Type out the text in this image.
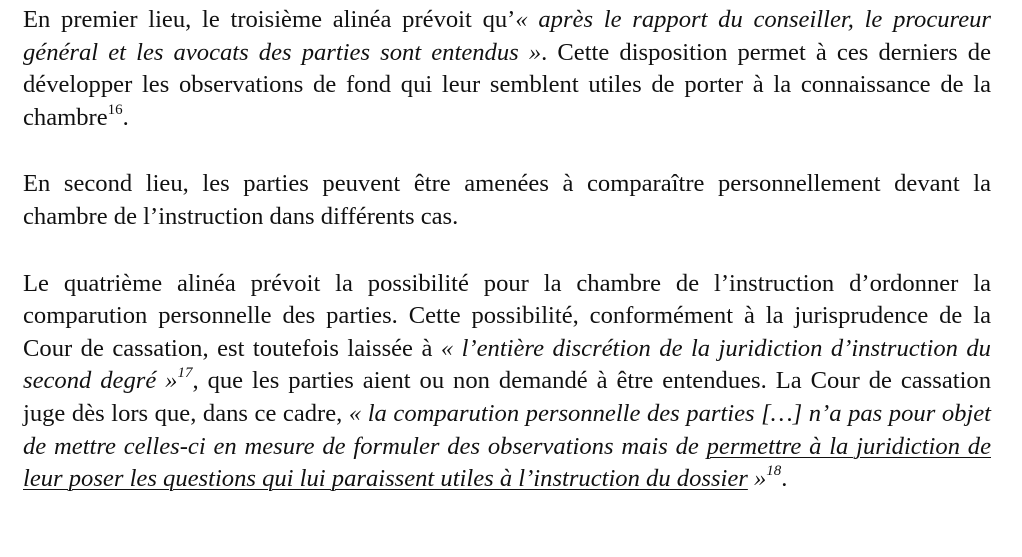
En premier lieu, le troisième alinéa prévoit qu’« après le rapport du conseiller, le procureur général et les avocats des parties sont entendus ». Cette disposition permet à ces derniers de développer les observations de fond qui leur semblent utiles de porter à la connaissance de la chambre$^{16}$.

En second lieu, les parties peuvent être amenées à comparaître personnellement devant la chambre de l’instruction dans différents cas.

Le quatrième alinéa prévoit la possibilité pour la chambre de l’instruction d’ordonner la comparution personnelle des parties. Cette possibilité, conformément à la jurisprudence de la Cour de cassation, est toutefois laissée à « l’entière discrétion de la juridiction d’instruction du second degré »$^{17}$, que les parties aient ou non demandé à être entendues. La Cour de cassation juge dès lors que, dans ce cadre, « la comparution personnelle des parties […] n’a pas pour objet de mettre celles-ci en mesure de formuler des observations mais de permettre à la juridiction de leur poser les questions qui lui paraissent utiles à l’instruction du dossier »$^{18}$.
